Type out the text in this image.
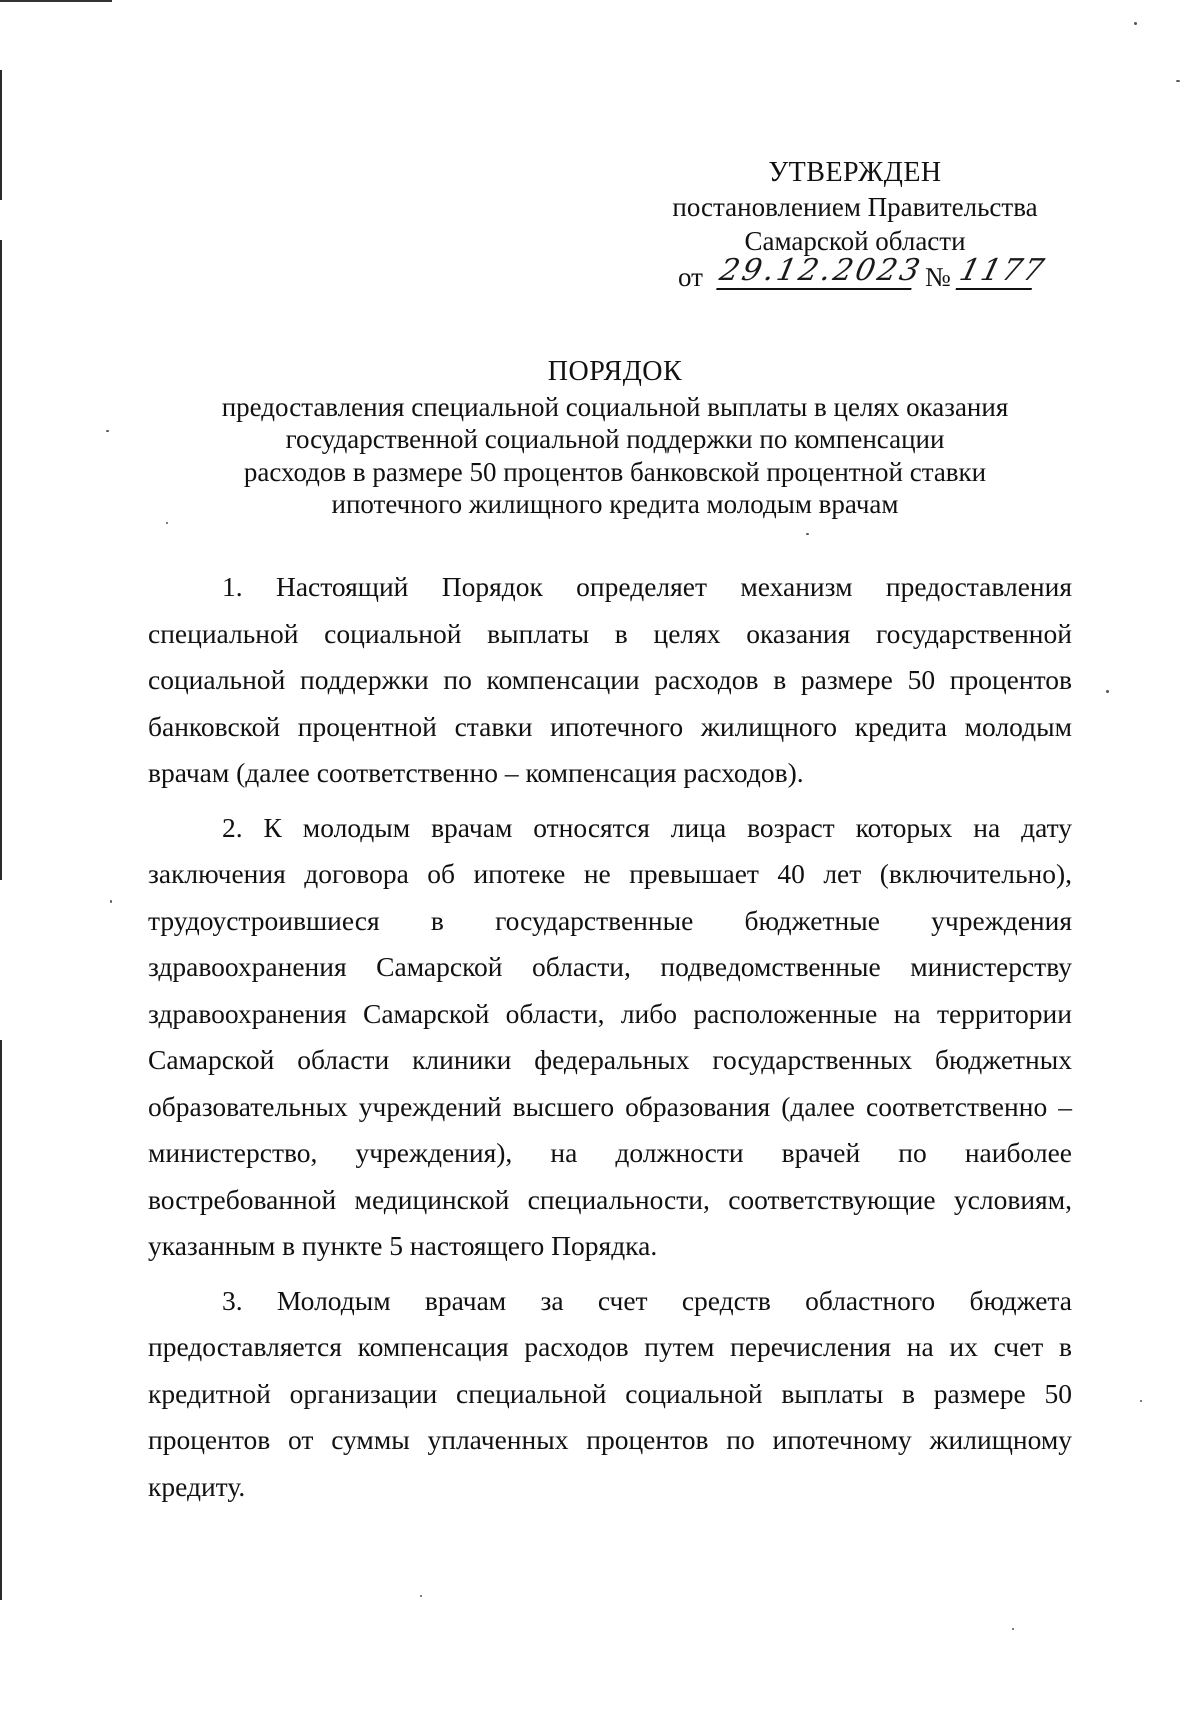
УТВЕРЖДЕН
постановлением Правительства
Самарской области
от 29.12.2023 № 1177
ПОРЯДОК
предоставления специальной социальной выплаты в целях оказания
государственной социальной поддержки по компенсации
расходов в размере 50 процентов банковской процентной ставки
ипотечного жилищного кредита молодым врачам

1. Настоящий Порядок определяет механизм предоставления специальной социальной выплаты в целях оказания государственной социальной поддержки по компенсации расходов в размере 50 процентов банковской процентной ставки ипотечного жилищного кредита молодым врачам (далее соответственно – компенсация расходов).

2. К молодым врачам относятся лица возраст которых на дату заключения договора об ипотеке не превышает 40 лет (включительно), трудоустроившиеся в государственные бюджетные учреждения здравоохранения Самарской области, подведомственные министерству здравоохранения Самарской области, либо расположенные на территории Самарской области клиники федеральных государственных бюджетных образовательных учреждений высшего образования (далее соответственно – министерство, учреждения), на должности врачей по наиболее востребованной медицинской специальности, соответствующие условиям, указанным в пункте 5 настоящего Порядка.

3. Молодым врачам за счет средств областного бюджета предоставляется компенсация расходов путем перечисления на их счет в кредитной организации специальной социальной выплаты в размере 50 процентов от суммы уплаченных процентов по ипотечному жилищному кредиту.
